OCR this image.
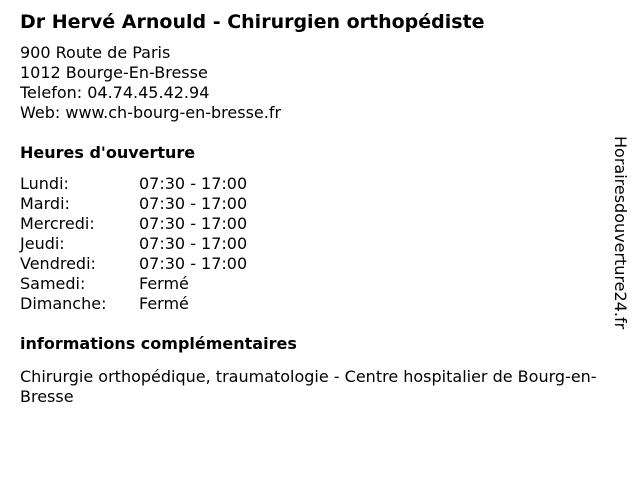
Dr Hervé Arnould - Chirurgien orthopédiste
900 Route de Paris
1012 Bourge-En-Bresse
Telefon: 04.74.45.42.94
Web: www.ch-bourg-en-bresse.fr
Heures d'ouverture
Lundi:	07:30 - 17:00
Mardi:	07:30 - 17:00
Mercredi:	07:30 - 17:00
Jeudi:	07:30 - 17:00
Vendredi:	07:30 - 17:00
Samedi:	Fermé
Dimanche:	Fermé
informations complémentaires
Chirurgie orthopédique, traumatologie - Centre hospitalier de Bourg-en-Bresse
Horairesdouverture24.fr
